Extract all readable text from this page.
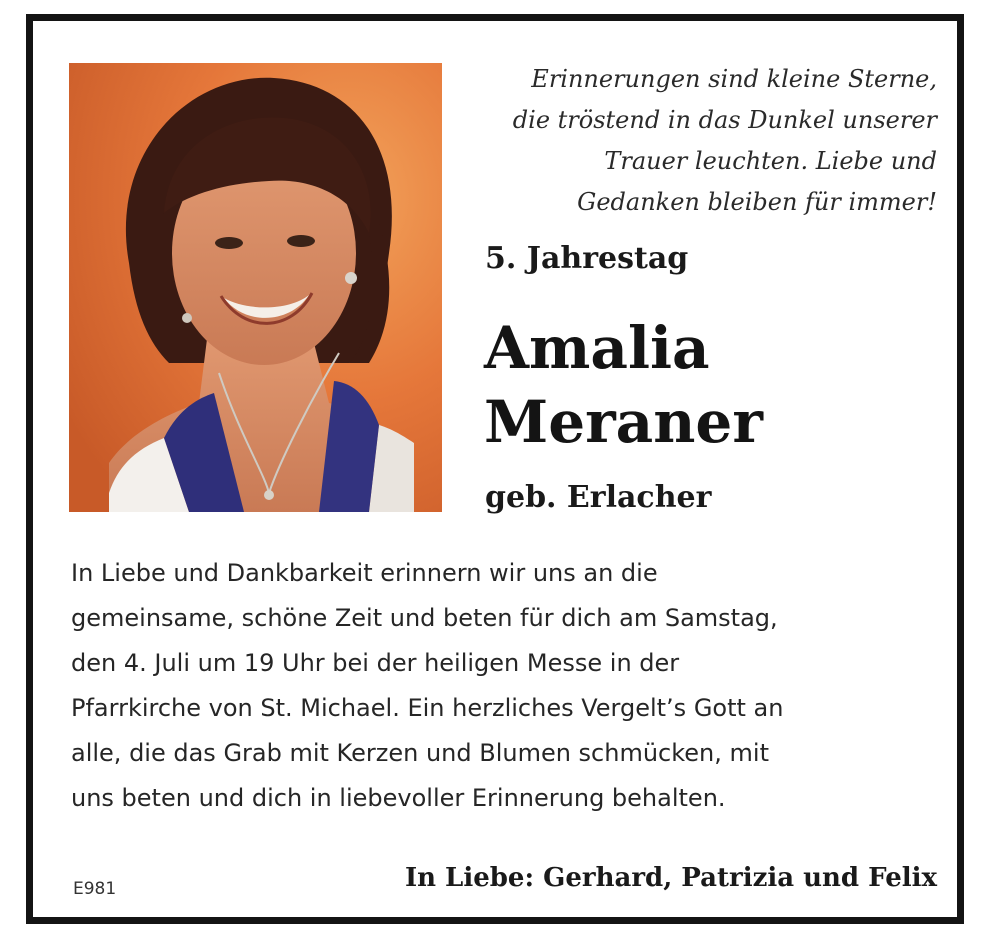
Erinnerungen sind kleine Sterne,
die tröstend in das Dunkel unserer
Trauer leuchten. Liebe und
Gedanken bleiben für immer!
5. Jahrestag
Amalia
Meraner
geb. Erlacher
In Liebe und Dankbarkeit erinnern wir uns an die
gemeinsame, schöne Zeit und beten für dich am Samstag,
den 4. Juli um 19 Uhr bei der heiligen Messe in der
Pfarrkirche von St. Michael. Ein herzliches Vergelt’s Gott an
alle, die das Grab mit Kerzen und Blumen schmücken, mit
uns beten und dich in liebevoller Erinnerung behalten.
E981	In Liebe: Gerhard, Patrizia und Felix
